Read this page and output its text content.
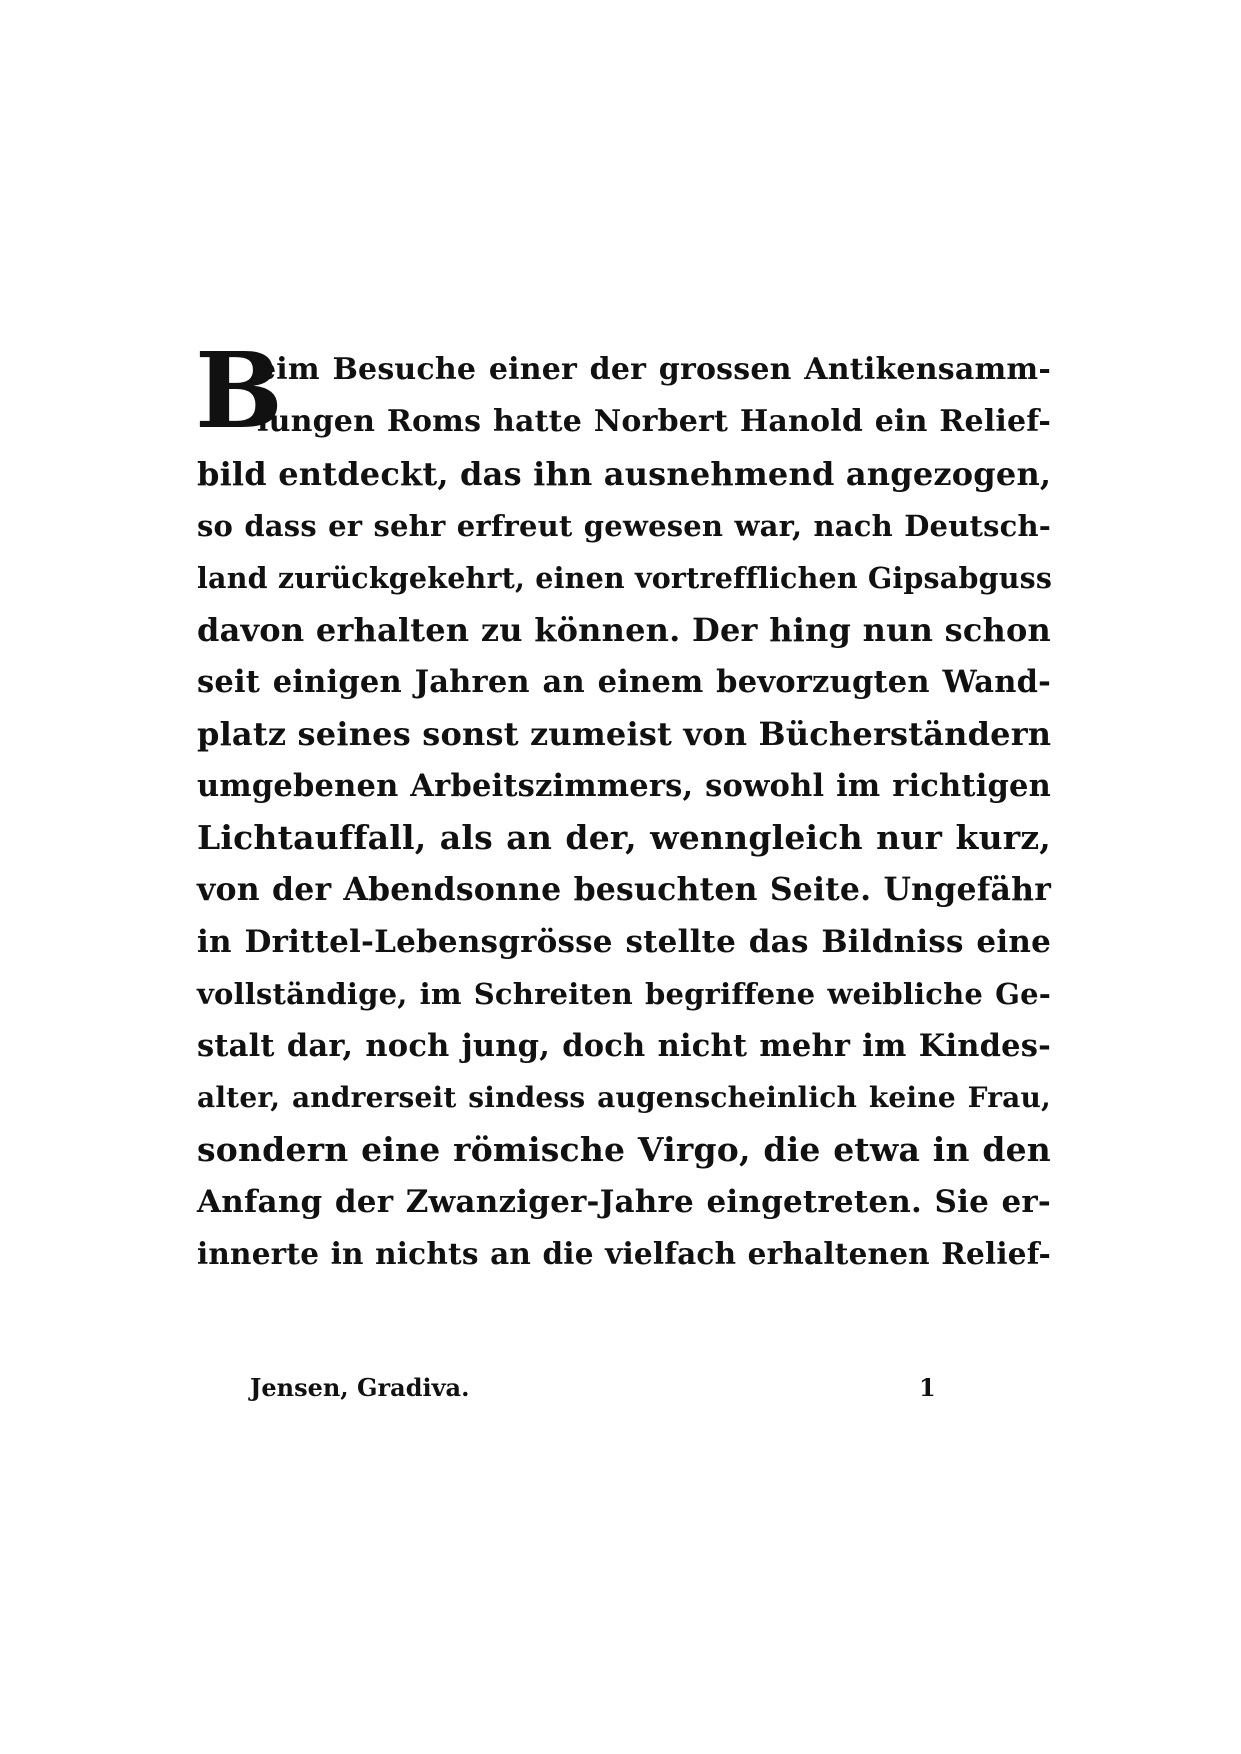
B
eim Besuche einer der grossen Antikensamm-
lungen Roms hatte Norbert Hanold ein Relief-
bild entdeckt, das ihn ausnehmend angezogen,
so dass er sehr erfreut gewesen war, nach Deutsch-
land zurückgekehrt, einen vortrefflichen Gipsabguss
davon erhalten zu können. Der hing nun schon
seit einigen Jahren an einem bevorzugten Wand-
platz seines sonst zumeist von Bücherständern
umgebenen Arbeitszimmers, sowohl im richtigen
Lichtauffall, als an der, wenngleich nur kurz,
von der Abendsonne besuchten Seite. Ungefähr
in Drittel-Lebensgrösse stellte das Bildniss eine
vollständige, im Schreiten begriffene weibliche Ge-
stalt dar, noch jung, doch nicht mehr im Kindes-
alter, andrerseit sindess augenscheinlich keine Frau,
sondern eine römische Virgo, die etwa in den
Anfang der Zwanziger-Jahre eingetreten. Sie er-
innerte in nichts an die vielfach erhaltenen Relief-
Jensen, Gradiva.	1
